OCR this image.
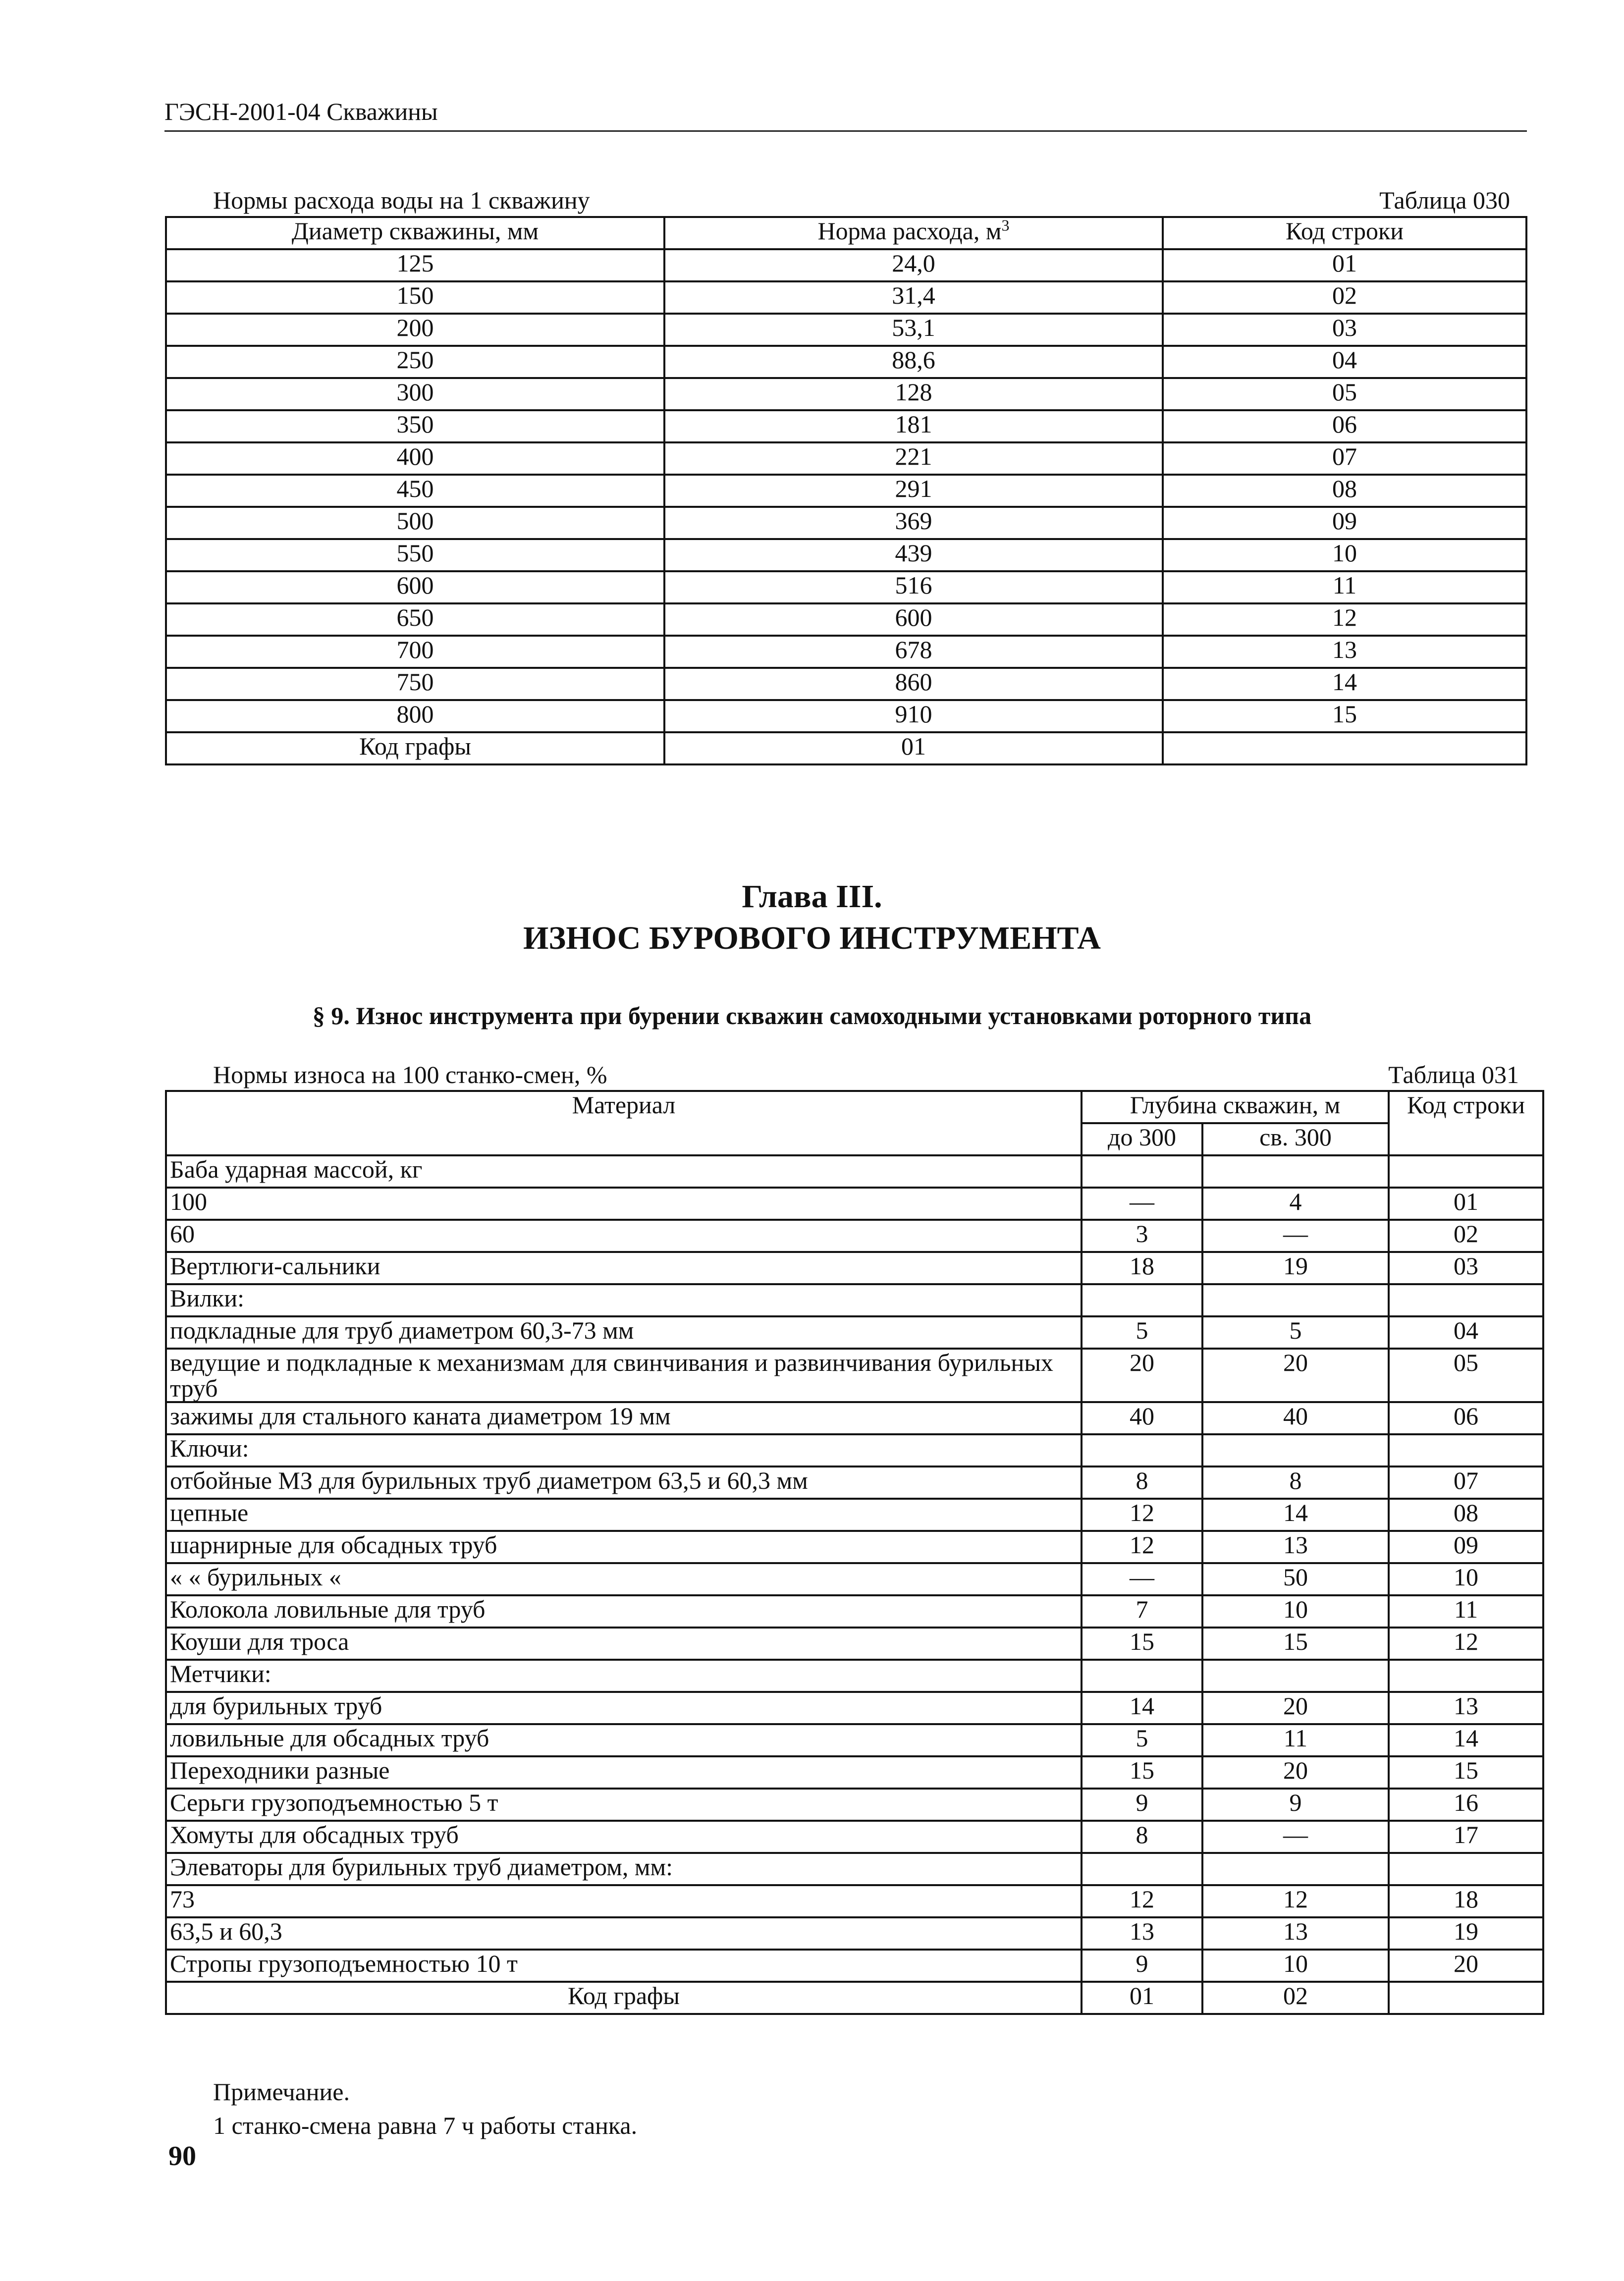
ГЭСН-2001-04 Скважины
Нормы расхода воды на 1 скважину	Таблица 030
Диаметр скважины, мм	Норма расхода, $м^3$	Код строки
125	24,0	01
150	31,4	02
200	53,1	03
250	88,6	04
300	128	05
350	181	06
400	221	07
450	291	08
500	369	09
550	439	10
600	516	11
650	600	12
700	678	13
750	860	14
800	910	15
Код графы	01	
Глава III.
ИЗНОС БУРОВОГО ИНСТРУМЕНТА
§ 9. Износ инструмента при бурении скважин самоходными установками роторного типа
Нормы износа на 100 станко-смен, %	Таблица 031
Материал	Глубина скважин, м		Код строки
	до 300	св. 300	
Баба ударная массой, кг			
100	—	4	01
60	3	—	02
Вертлюги-сальники	18	19	03
Вилки:			
подкладные для труб диаметром 60,3-73 мм	5	5	04
ведущие и подкладные к механизмам для свинчивания и развинчивания бурильных труб	20	20	05
зажимы для стального каната диаметром 19 мм	40	40	06
Ключи:			
отбойные МЗ для бурильных труб диаметром 63,5 и 60,3 мм	8	8	07
цепные	12	14	08
шарнирные для обсадных труб	12	13	09
« « бурильных «	—	50	10
Колокола ловильные для труб	7	10	11
Коуши для троса	15	15	12
Метчики:			
для бурильных труб	14	20	13
ловильные для обсадных труб	5	11	14
Переходники разные	15	20	15
Серьги грузоподъемностью 5 т	9	9	16
Хомуты для обсадных труб	8	—	17
Элеваторы для бурильных труб диаметром, мм:			
73	12	12	18
63,5 и 60,3	13	13	19
Стропы грузоподъемностью 10 т	9	10	20
Код графы	01	02	
Примечание.
1 станко-смена равна 7 ч работы станка.
90
